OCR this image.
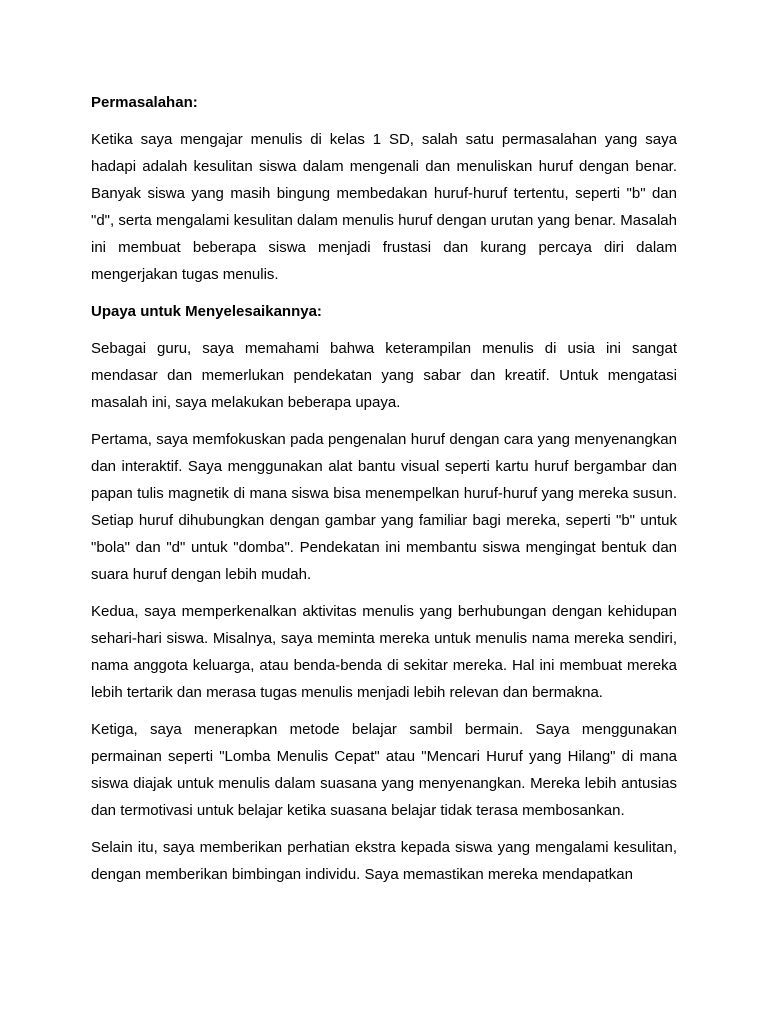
Permasalahan:

Ketika saya mengajar menulis di kelas 1 SD, salah satu permasalahan yang saya hadapi adalah kesulitan siswa dalam mengenali dan menuliskan huruf dengan benar. Banyak siswa yang masih bingung membedakan huruf-huruf tertentu, seperti "b" dan "d", serta mengalami kesulitan dalam menulis huruf dengan urutan yang benar. Masalah ini membuat beberapa siswa menjadi frustasi dan kurang percaya diri dalam mengerjakan tugas menulis.

Upaya untuk Menyelesaikannya:

Sebagai guru, saya memahami bahwa keterampilan menulis di usia ini sangat mendasar dan memerlukan pendekatan yang sabar dan kreatif. Untuk mengatasi masalah ini, saya melakukan beberapa upaya.

Pertama, saya memfokuskan pada pengenalan huruf dengan cara yang menyenangkan dan interaktif. Saya menggunakan alat bantu visual seperti kartu huruf bergambar dan papan tulis magnetik di mana siswa bisa menempelkan huruf-huruf yang mereka susun. Setiap huruf dihubungkan dengan gambar yang familiar bagi mereka, seperti "b" untuk "bola" dan "d" untuk "domba". Pendekatan ini membantu siswa mengingat bentuk dan suara huruf dengan lebih mudah.

Kedua, saya memperkenalkan aktivitas menulis yang berhubungan dengan kehidupan sehari-hari siswa. Misalnya, saya meminta mereka untuk menulis nama mereka sendiri, nama anggota keluarga, atau benda-benda di sekitar mereka. Hal ini membuat mereka lebih tertarik dan merasa tugas menulis menjadi lebih relevan dan bermakna.

Ketiga, saya menerapkan metode belajar sambil bermain. Saya menggunakan permainan seperti "Lomba Menulis Cepat" atau "Mencari Huruf yang Hilang" di mana siswa diajak untuk menulis dalam suasana yang menyenangkan. Mereka lebih antusias dan termotivasi untuk belajar ketika suasana belajar tidak terasa membosankan.

Selain itu, saya memberikan perhatian ekstra kepada siswa yang mengalami kesulitan, dengan memberikan bimbingan individu. Saya memastikan mereka mendapatkan
